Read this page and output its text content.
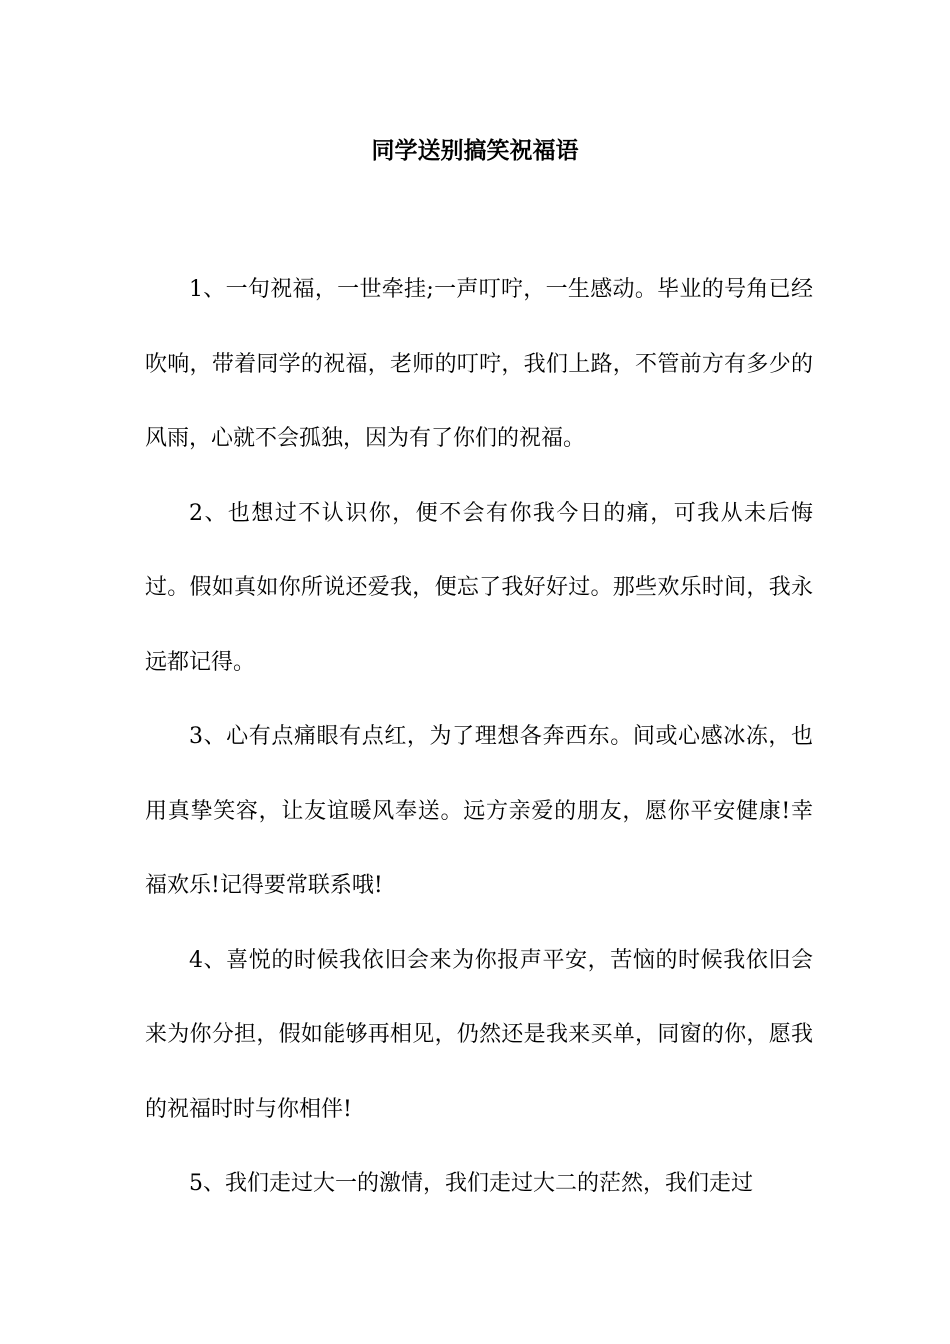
同学送别搞笑祝福语

1、一句祝福，一世牵挂;一声叮咛，一生感动。毕业的号角已经吹响，带着同学的祝福，老师的叮咛，我们上路，不管前方有多少的风雨，心就不会孤独，因为有了你们的祝福。

2、也想过不认识你，便不会有你我今日的痛，可我从未后悔过。假如真如你所说还爱我，便忘了我好好过。那些欢乐时间，我永远都记得。

3、心有点痛眼有点红，为了理想各奔西东。间或心感冰冻，也用真挚笑容，让友谊暖风奉送。远方亲爱的朋友，愿你平安健康!幸福欢乐!记得要常联系哦!

4、喜悦的时候我依旧会来为你报声平安，苦恼的时候我依旧会来为你分担，假如能够再相见，仍然还是我来买单，同窗的你，愿我的祝福时时与你相伴!

5、我们走过大一的激情，我们走过大二的茫然，我们走过
